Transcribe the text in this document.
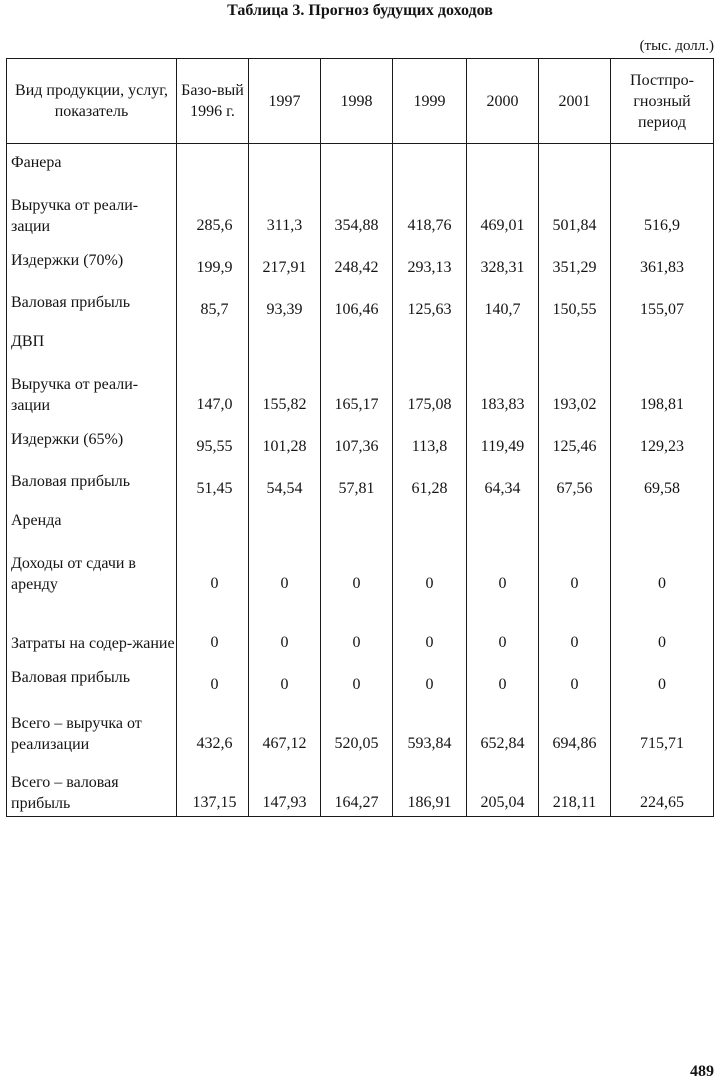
Таблица 3. Прогноз будущих доходов
(тыс. долл.)
Вид продукции, услуг, показатель	Базо-вый 1996 г.	1997	1998	1999	2000	2001	Постпро-гнозный период
Фанера							
Выручка от реали-зации	285,6	311,3	354,88	418,76	469,01	501,84	516,9
Издержки (70%)	199,9	217,91	248,42	293,13	328,31	351,29	361,83
Валовая прибыль	85,7	93,39	106,46	125,63	140,7	150,55	155,07
ДВП							
Выручка от реали-зации	147,0	155,82	165,17	175,08	183,83	193,02	198,81
Издержки (65%)	95,55	101,28	107,36	113,8	119,49	125,46	129,23
Валовая прибыль	51,45	54,54	57,81	61,28	64,34	67,56	69,58
Аренда							
Доходы от сдачи в аренду	0	0	0	0	0	0	0
Затраты на содер-жание	0	0	0	0	0	0	0
Валовая прибыль	0	0	0	0	0	0	0
Всего – выручка от реализации	432,6	467,12	520,05	593,84	652,84	694,86	715,71
Всего – валовая прибыль	137,15	147,93	164,27	186,91	205,04	218,11	224,65
489
